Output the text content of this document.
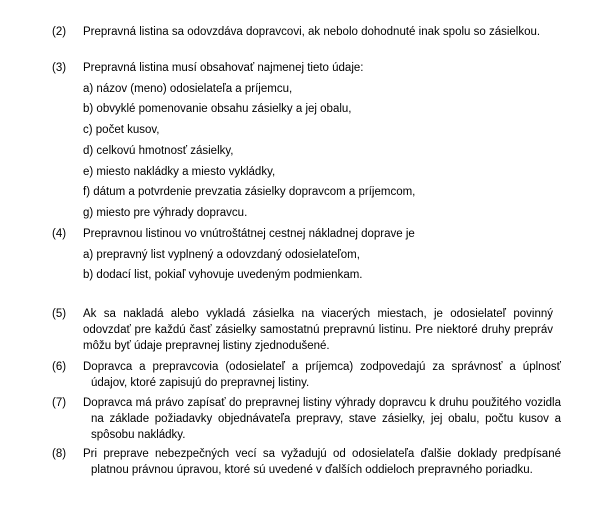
(2) Prepravná listina sa odovzdáva dopravcovi, ak nebolo dohodnuté inak spolu so zásielkou.
(3) Prepravná listina musí obsahovať najmenej tieto údaje:
a) názov (meno) odosielateľa a príjemcu,
b) obvyklé pomenovanie obsahu zásielky a jej obalu,
c) počet kusov,
d) celkovú hmotnosť zásielky,
e) miesto nakládky a miesto vykládky,
f) dátum a potvrdenie prevzatia zásielky dopravcom a príjemcom,
g) miesto pre výhrady dopravcu.
(4) Prepravnou listinou vo vnútroštátnej cestnej nákladnej doprave je
a) prepravný list vyplnený a odovzdaný odosielateľom,
b) dodací list, pokiaľ vyhovuje uvedeným podmienkam.
(5) Ak sa nakladá alebo vykladá zásielka na viacerých miestach, je odosielateľ povinný odovzdať pre každú časť zásielky samostatnú prepravnú listinu. Pre niektoré druhy prepráv môžu byť údaje prepravnej listiny zjednodušené.
(6) Dopravca a prepravcovia (odosielateľ a príjemca) zodpovedajú za správnosť a úplnosť údajov, ktoré zapisujú do prepravnej listiny.
(7) Dopravca má právo zapísať do prepravnej listiny výhrady dopravcu k druhu použitého vozidla na základe požiadavky objednávateľa prepravy, stave zásielky, jej obalu, počtu kusov a spôsobu nakládky.
(8) Pri preprave nebezpečných vecí sa vyžadujú od odosielateľa ďalšie doklady predpísané platnou právnou úpravou, ktoré sú uvedené v ďalších oddieloch prepravného poriadku.
